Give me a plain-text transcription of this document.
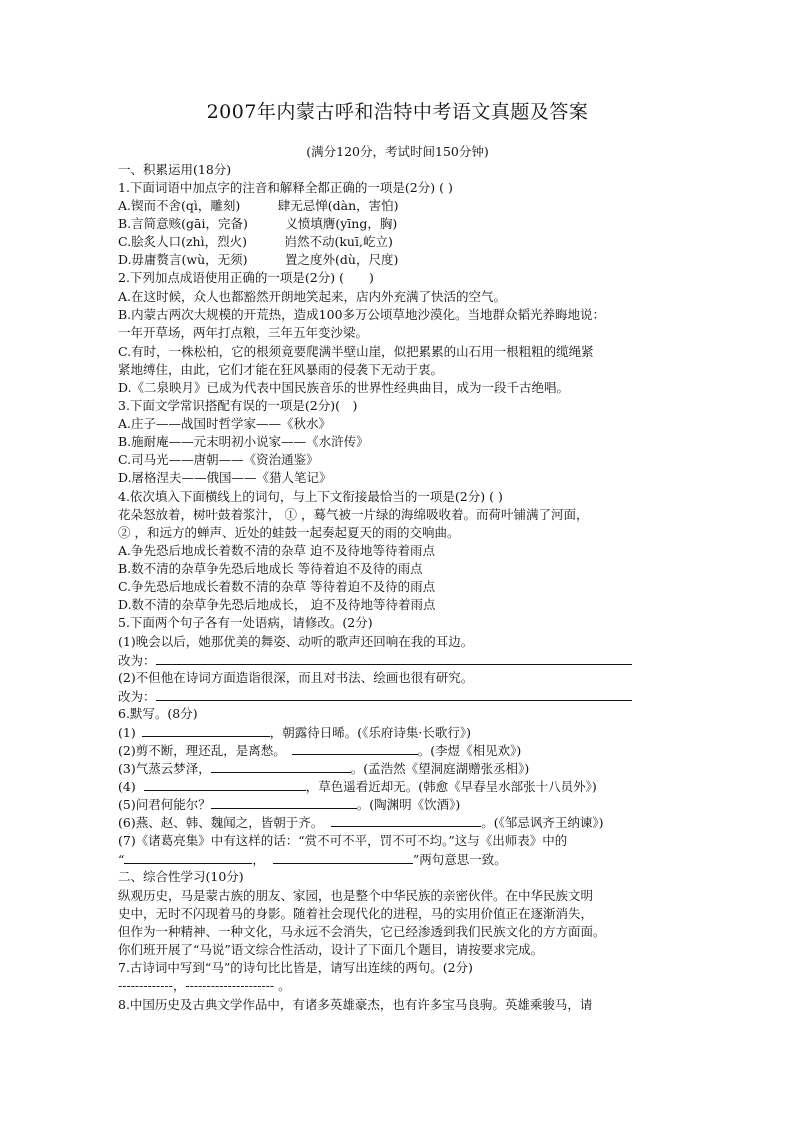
2007年内蒙古呼和浩特中考语文真题及答案
(满分120分，考试时间150分钟)
一、积累运用(18分)
1.下面词语中加点字的注音和解释全都正确的一项是(2分) ( )
A.锲而不舍(qì，雕刻)　　　肆无忌惮(dàn，害怕)
B.言简意赅(gāi，完备)　　　义愤填膺(yīng，胸)
C.脍炙人口(zhì，烈火)　　　岿然不动(kuī,屹立)
D.毋庸赘言(wù，无须)　　　置之度外(dù，尺度)
2.下列加点成语使用正确的一项是(2分) (　　)
A.在这时候，众人也都豁然开朗地笑起来，店内外充满了快活的空气。
B.内蒙古两次大规模的开荒热，造成100多万公顷草地沙漠化。当地群众韬光养晦地说：
一年开草场，两年打点粮，三年五年变沙梁。
C.有时，一株松柏，它的根须竟要爬满半壁山崖，似把累累的山石用一根粗粗的缆绳紧
紧地缚住，由此，它们才能在狂风暴雨的侵袭下无动于衷。
D.《二泉映月》已成为代表中国民族音乐的世界性经典曲目，成为一段千古绝唱。
3.下面文学常识搭配有误的一项是(2分)(　)
A.庄子——战国时哲学家——《秋水》
B.施耐庵——元末明初小说家——《水浒传》
C.司马光——唐朝——《资治通鉴》
D.屠格涅夫——俄国——《猎人笔记》
4.依次填入下面横线上的词句，与上下文衔接最恰当的一项是(2分) ( )
花朵怒放着，树叶鼓着浆汁， ① ，蓦气被一片绿的海绵吸收着。而荷叶铺满了河面，
② ，和远方的蝉声、近处的蛙鼓一起奏起夏天的雨的交响曲。
A.争先恐后地成长着数不清的杂草 迫不及待地等待着雨点
B.数不清的杂草争先恐后地成长 等待着迫不及待的雨点
C.争先恐后地成长着数不清的杂草 等待着迫不及待的雨点
D.数不清的杂草争先恐后地成长， 迫不及待地等待着雨点
5.下面两个句子各有一处语病，请修改。(2分)
(1)晚会以后，她那优美的舞姿、动听的歌声还回响在我的耳边。
改为：
(2)不但他在诗词方面造诣很深，而且对书法、绘画也很有研究。
改为：
6.默写。(8分)
(1)	，朝露待日晞。(《乐府诗集·长歌行》)
(2)剪不断，理还乱，是离愁。	。(李煜《相见欢》)
(3)气蒸云梦泽，	。(孟浩然《望洞庭湖赠张丞相》)
(4)	，草色遥看近却无。(韩愈《早春呈水部张十八员外》)
(5)问君何能尔？	。(陶渊明《饮酒》)
(6)燕、赵、韩、魏闻之，皆朝于齐。	。(《邹忌讽齐王纳谏》)
(7)《诸葛亮集》中有这样的话：“赏不可不平，罚不可不均。”这与《出师表》中的
“	，	”两句意思一致。
二、综合性学习(10分)
纵观历史，马是蒙古族的朋友、家园，也是整个中华民族的亲密伙伴。在中华民族文明
史中，无时不闪现着马的身影。随着社会现代化的进程，马的实用价值正在逐渐消失，
但作为一种精神、一种文化，马永远不会消失，它已经渗透到我们民族文化的方方面面。
你们班开展了“马说”语文综合性活动，设计了下面几个题目，请按要求完成。
7.古诗词中写到“马”的诗句比比皆是，请写出连续的两句。(2分)
-------------，--------------------- 。
8.中国历史及古典文学作品中，有诸多英雄豪杰，也有许多宝马良驹。英雄乘骏马，请
